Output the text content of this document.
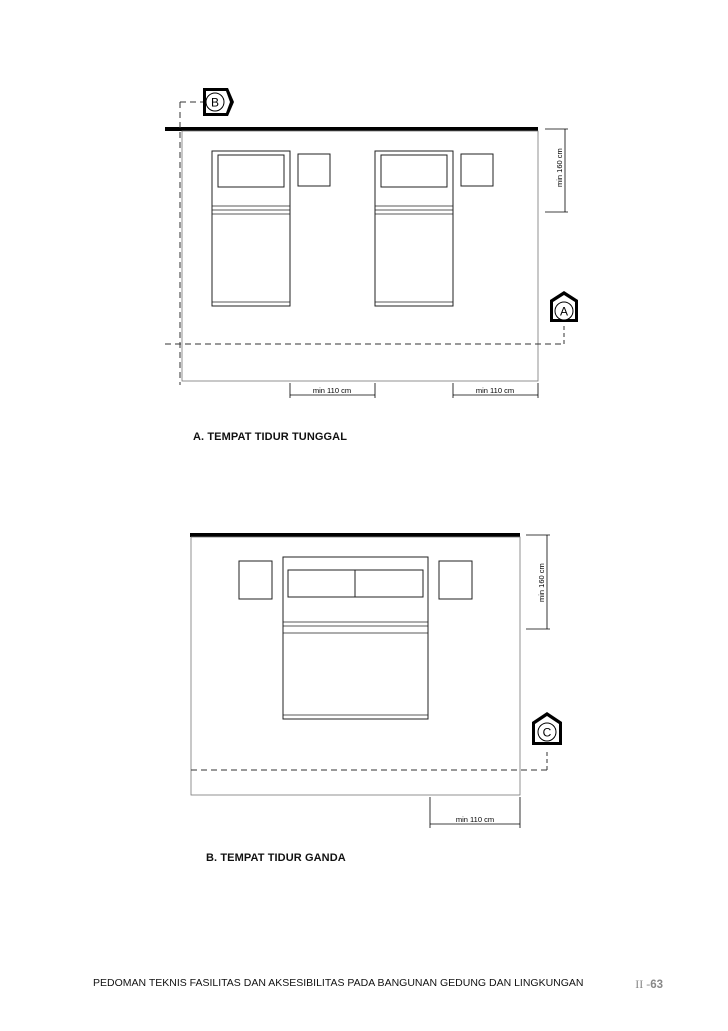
B
A
min 160 cm
min 110 cm	min 110 cm
C
min 160 cm
min 110 cm
A. TEMPAT TIDUR TUNGGAL
B. TEMPAT TIDUR GANDA
PEDOMAN TEKNIS FASILITAS DAN AKSESIBILITAS PADA BANGUNAN GEDUNG DAN LINGKUNGAN	II -63
